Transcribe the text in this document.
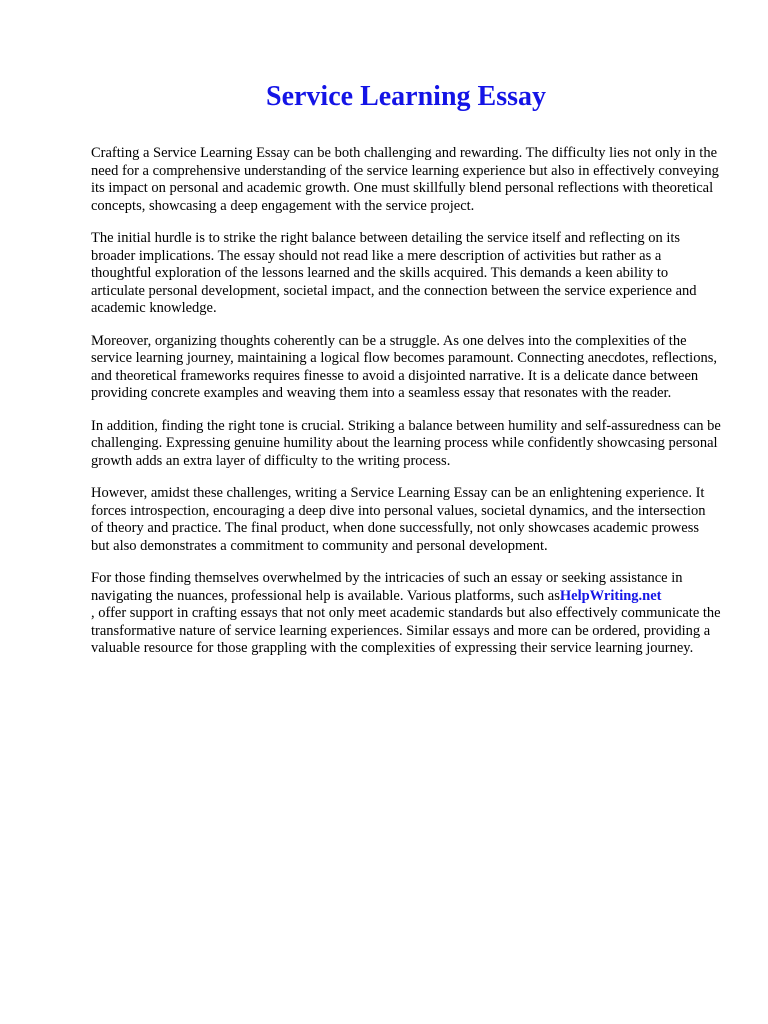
Service Learning Essay

Crafting a Service Learning Essay can be both challenging and rewarding. The difficulty lies not only in the need for a comprehensive understanding of the service learning experience but also in effectively conveying its impact on personal and academic growth. One must skillfully blend personal reflections with theoretical concepts, showcasing a deep engagement with the service project.

The initial hurdle is to strike the right balance between detailing the service itself and reflecting on its broader implications. The essay should not read like a mere description of activities but rather as a thoughtful exploration of the lessons learned and the skills acquired. This demands a keen ability to articulate personal development, societal impact, and the connection between the service experience and academic knowledge.

Moreover, organizing thoughts coherently can be a struggle. As one delves into the complexities of the service learning journey, maintaining a logical flow becomes paramount. Connecting anecdotes, reflections, and theoretical frameworks requires finesse to avoid a disjointed narrative. It is a delicate dance between providing concrete examples and weaving them into a seamless essay that resonates with the reader.

In addition, finding the right tone is crucial. Striking a balance between humility and self-assuredness can be challenging. Expressing genuine humility about the learning process while confidently showcasing personal growth adds an extra layer of difficulty to the writing process.

However, amidst these challenges, writing a Service Learning Essay can be an enlightening experience. It forces introspection, encouraging a deep dive into personal values, societal dynamics, and the intersection of theory and practice. The final product, when done successfully, not only showcases academic prowess but also demonstrates a commitment to community and personal development.

For those finding themselves overwhelmed by the intricacies of such an essay or seeking assistance in navigating the nuances, professional help is available. Various platforms, such asHelpWriting.net
, offer support in crafting essays that not only meet academic standards but also effectively communicate the transformative nature of service learning experiences. Similar essays and more can be ordered, providing a valuable resource for those grappling with the complexities of expressing their service learning journey.
